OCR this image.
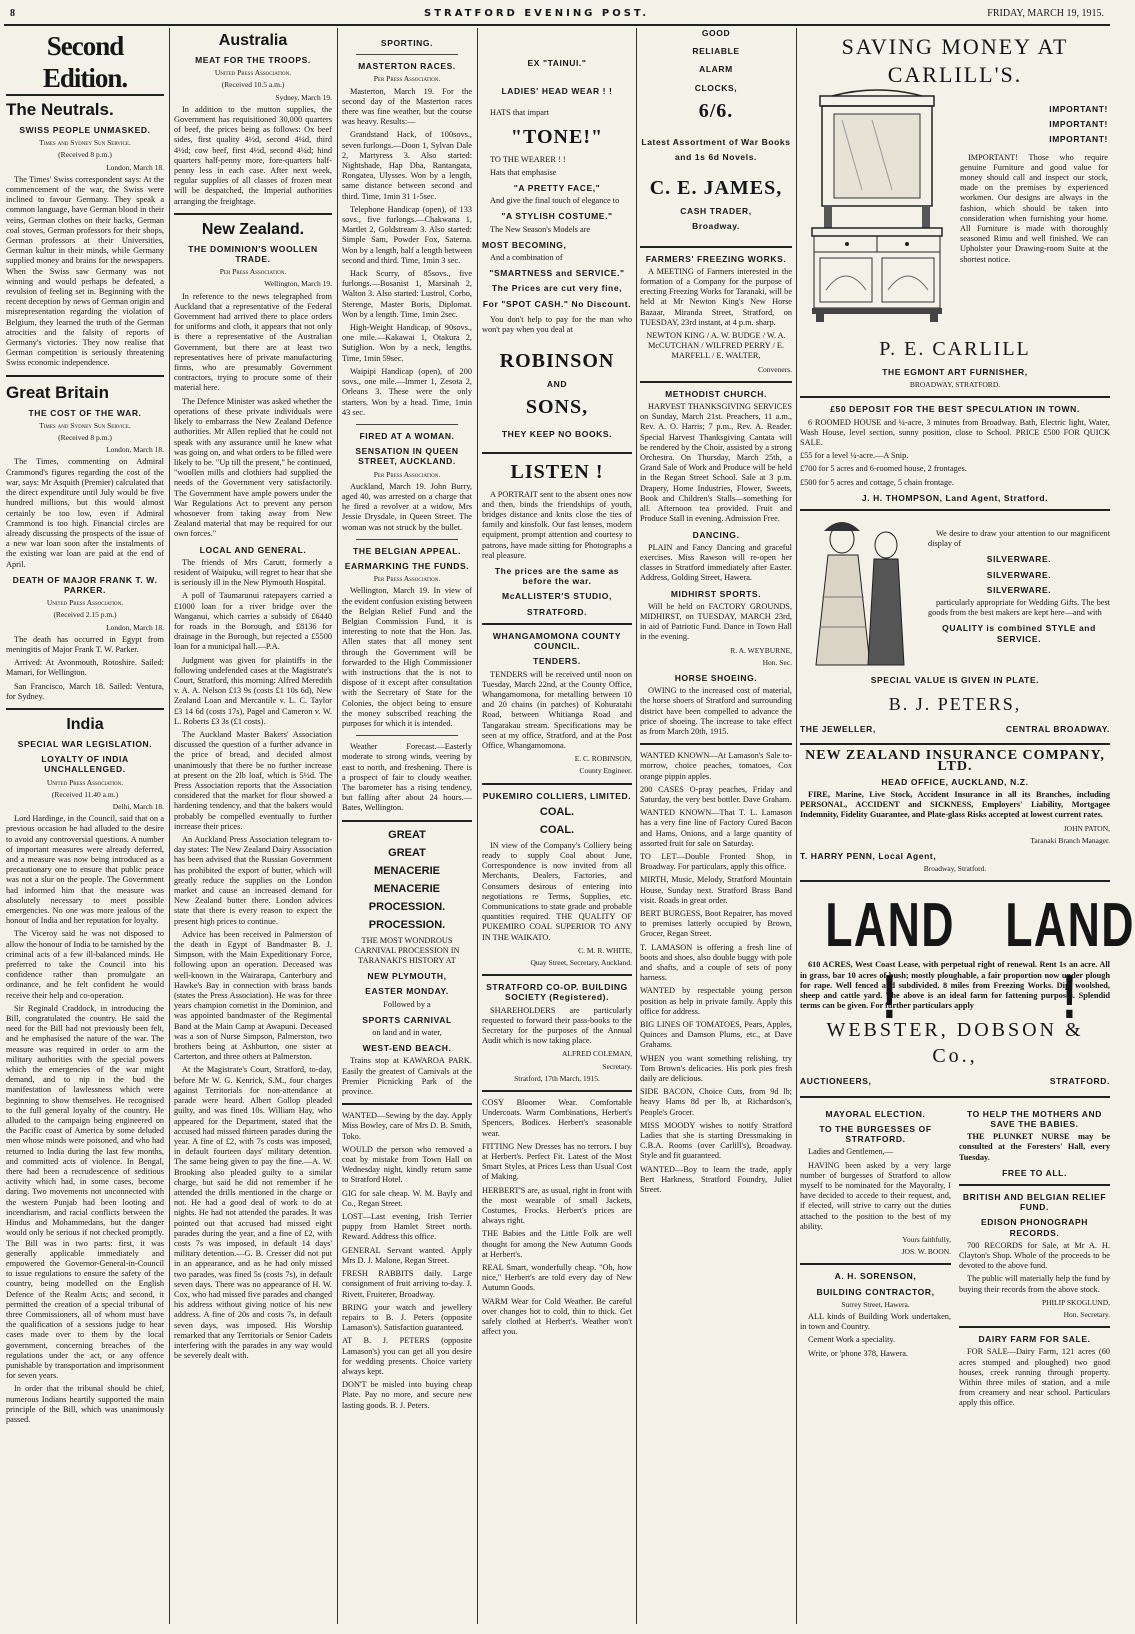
8	STRATFORD EVENING POST.	FRIDAY, MARCH 19, 1915.
Second Edition.
The Neutrals.
SWISS PEOPLE UNMASKED.
Times and Sydney Sun Service.
(Received 8 p.m.)
London, March 18.

The Times' Swiss correspondent says: At the commencement of the war, the Swiss were inclined to favour Germany. They speak a common language, have German blood in their veins, German clothes on their backs, German coal stoves, German professors for their shops, German professors at their Universities, German kultur in their minds, while Germany supplied money and brains for the newspapers. When the Swiss saw Germany was not winning and would perhaps be defeated, a revulsion of feeling set in. Beginning with the recent deception by news of German origin and misrepresentation regarding the violation of Belgium, they learned the truth of the German atrocities and the falsity of reports of Germany's victories. They now realise that German competition is seriously threatening Swiss economic independence.

Great Britain
THE COST OF THE WAR.
Times and Sydney Sun Service.
(Received 8 p.m.)
London, March 18.

The Times, commenting on Admiral Crammond's figures regarding the cost of the war, says: Mr Asquith (Premier) calculated that the direct expenditure until July would be five hundred millions, but this would almost certainly be too low, even if Admiral Crammond is too high. Financial circles are already discussing the prospects of the issue of a new war loan soon after the instalments of the existing war loan are paid at the end of April.

DEATH OF MAJOR FRANK T. W. PARKER.
United Press Association.
(Received 2.15 p.m.)
London, March 18.

The death has occurred in Egypt from meningitis of Major Frank T. W. Parker.

Arrived: At Avonmouth, Rotoshire. Sailed: Mamari, for Wellington.

San Francisco, March 18. Sailed: Ventura, for Sydney.

India
SPECIAL WAR LEGISLATION.
LOYALTY OF INDIA UNCHALLENGED.
United Press Association.
(Received 11.40 a.m.)
Delhi, March 18.

Lord Hardinge, in the Council, said that on a previous occasion he had alluded to the desire to avoid any controversial questions. A number of important measures were already deferred, and a measure was now being introduced as a precautionary one to ensure that public peace was not a slur on the people. The Government had informed him that the measure was absolutely necessary to meet possible emergencies. No one was more jealous of the honour of India and her reputation for loyalty.

The Viceroy said he was not disposed to allow the honour of India to be tarnished by the criminal acts of a few ill-balanced minds. He preferred to take the Council into his confidence rather than promulgate an ordinance, and he felt confident he would receive their help and co-operation.

Sir Reginald Craddock, in introducing the Bill, congratulated the country. He said the need for the Bill had not previously been felt, and he emphasised the nature of the war. The measure was required in order to arm the military authorities with the special powers which the emergencies of the war might demand, and to nip in the bud the manifestation of lawlessness which were beginning to show themselves. He recognised to the full general loyalty of the country. He alluded to the campaign being engineered on the Pacific coast of America by some deluded men whose minds were poisoned, and who had returned to India during the last few months, and committed acts of violence. In Bengal, there had been a recrudescence of seditious activity which had, in some cases, become daring. Two movements not unconnected with the western Punjab had been looting and incendiarism, and racial conflicts between the Hindus and Mohammedans, but the danger would only be serious if not checked promptly. The Bill was in two parts: first, it was generally applicable immediately and empowered the Governor-General-in-Council to issue regulations to ensure the safety of the country, being modelled on the English Defence of the Realm Acts; and second, it permitted the creation of a special tribunal of three Commissioners, all of whom must have the qualification of a sessions judge to hear cases made over to them by the local government, concerning breaches of the regulations under the act, or any offence punishable by transportation and imprisonment for seven years.

In order that the tribunal should be chief, numerous Indians heartily supported the main principle of the Bill, which was unanimously passed.

Australia
MEAT FOR THE TROOPS.
United Press Association.
(Received 10.5 a.m.)
Sydney, March 19.

In addition to the mutton supplies, the Government has requisitioned 30,000 quarters of beef, the prices being as follows: Ox beef sides, first quality 4½d, second 4¼d, third 4½d; cow beef, first 4½d, second 4¼d; hind quarters half-penny more, fore-quarters half-penny less in each case. After next week, regular supplies of all classes of frozen meat will be despatched, the Imperial authorities arranging the freightage.

New Zealand.
THE DOMINION'S WOOLLEN TRADE.
Per Press Association.
Wellington, March 19.

In reference to the news telegraphed from Auckland that a representative of the Federal Government had arrived there to place orders for uniforms and cloth, it appears that not only is there a representative of the Australian Government, but there are at least two representatives here of private manufacturing firms, who are presumably Government contractors, trying to procure some of their material here.

The Defence Minister was asked whether the operations of these private individuals were likely to embarrass the New Zealand Defence authorities. Mr Allen replied that he could not speak with any assurance until he knew what was going on, and what orders to be filled were likely to be. "Up till the present," he continued, "woollen mills and clothiers had supplied the needs of the Government very satisfactorily. The Government have ample powers under the War Regulations Act to prevent any person whosoever from taking away from New Zealand material that may be required for our own forces."

LOCAL AND GENERAL.

The friends of Mrs Carutt, formerly a resident of Waipuku, will regret to hear that she is seriously ill in the New Plymouth Hospital.

A poll of Taumarunui ratepayers carried a £1000 loan for a river bridge over the Wanganui, which carries a subsidy of £6440 for roads in the Borough, and £8136 for drainage in the Borough, but rejected a £5500 loan for a municipal hall.—P.A.

Judgment was given for plaintiffs in the following undefended cases at the Magistrate's Court, Stratford, this morning: Alfred Meredith v. A. A. Nelson £13 9s (costs £1 10s 6d), New Zealand Loan and Mercantile v. L. C. Taylor £3 14 6d (costs 17s), Pagel and Cameron v. W. L. Roberts £3 3s (£1 costs).

The Auckland Master Bakers' Association discussed the question of a further advance in the price of bread, and decided almost unanimously that there be no further increase at present on the 2lb loaf, which is 5½d. The Press Association reports that the Association considered that the market for flour showed a hardening tendency, and that the bakers would probably be compelled eventually to further increase their prices.

An Auckland Press Association telegram to-day states: The New Zealand Dairy Association has been advised that the Russian Government has prohibited the export of butter, which will greatly reduce the supplies on the London market and cause an increased demand for New Zealand butter there. London advices state that there is every reason to expect the present high prices to continue.

Advice has been received in Palmerston of the death in Egypt of Bandmaster B. J. Simpson, with the Main Expeditionary Force, following upon an operation. Deceased was well-known in the Wairarapa, Canterbury and Hawke's Bay in connection with brass bands (states the Press Association). He was for three years champion cornetist in the Dominion, and was appointed bandmaster of the Regimental Band at the Main Camp at Awapuni. Deceased was a son of Nurse Simpson, Palmerston, two brothers being at Ashburton, one sister at Carterton, and three others at Palmerston.

At the Magistrate's Court, Stratford, to-day, before Mr W. G. Kenrick, S.M., four charges against Territorials for non-attendance at parade were heard. Albert Gollop pleaded guilty, and was fined 10s. William Hay, who appeared for the Department, stated that the accused had missed thirteen parades during the year. A fine of £2, with 7s costs was imposed, in default fourteen days' military detention. The same being given to pay the fine.—A. W. Brooking also pleaded guilty to a similar charge, but said he did not remember if he attended the drills mentioned in the charge or not. He had a good deal of work to do at nights. He had not attended the parades. It was pointed out that accused had missed eight parades during the year, and a fine of £2, with costs 7s was imposed, in default 14 days' military detention.—G. B. Cresser did not put in an appearance, and as he had only missed two parades, was fined 5s (costs 7s), in default seven days. There was no appearance of H. W. Cox, who had missed five parades and changed his address without giving notice of his new address. A fine of 20s and costs 7s, in default seven days, was imposed. His Worship remarked that any Territorials or Senior Cadets interfering with the parades in any way would be severely dealt with.

SPORTING.
MASTERTON RACES.
Per Press Association.

Masterton, March 19. For the second day of the Masterton races there was fine weather, but the course was heavy. Results:—

Grandstand Hack, of 100sovs., seven furlongs.—Doon 1, Sylvan Dale 2, Martyress 3. Also started: Nightshade, Hap Dha, Rantangata, Rongatea, Ulysses. Won by a length, same distance between second and third. Time, 1min 31 1-5sec.

Telephone Handicap (open), of 133 sovs., five furlongs.—Chakwana 1, Martlet 2, Goldstream 3. Also started: Simple Sam, Powder Fox, Saterna. Won by a length, half a length between second and third. Time, 1min 3 sec.

Hack Scurry, of 85sovs., five furlongs.—Bosanist 1, Marsinah 2, Walton 3. Also started: Lustrol, Corbo, Sterenge, Master Boris, Diplomat. Won by a length. Time, 1min 2sec.

High-Weight Handicap, of 90sovs., one mile.—Kakawai 1, Otakura 2, Sutiglion. Won by a neck, lengths. Time, 1min 59sec.

Waipipi Handicap (open), of 200 sovs., one mile.—Immer 1, Zesota 2, Orleans 3. These were the only starters. Won by a head. Time, 1min 43 sec.

FIRED AT A WOMAN.
SENSATION IN QUEEN STREET, AUCKLAND.
Per Press Association.

Auckland, March 19. John Burry, aged 40, was arrested on a charge that he fired a revolver at a widow, Mrs Jessie Drysdale, in Queen Street. The woman was not struck by the bullet.

THE BELGIAN APPEAL.
EARMARKING THE FUNDS.
Per Press Association.

Wellington, March 19. In view of the evident confusion existing between the Belgian Relief Fund and the Belgian Commission Fund, it is interesting to note that the Hon. Jas. Allen states that all money sent through the Government will be forwarded to the High Commissioner with instructions that the is not to dispose of it except after consultation with the Secretary of State for the Colonies, the object being to ensure the money subscribed reaching the purposes for which it is intended.

Weather Forecast.—Easterly moderate to strong winds, veering by east to north, and freshening. There is a prospect of fair to cloudy weather. The barometer has a rising tendency, but falling after about 24 hours.—Bates, Wellington.

GREAT
GREAT
MENACERIE
MENACERIE
PROCESSION.
PROCESSION.

THE MOST WONDROUS CARNIVAL PROCESSION IN TARANAKI'S HISTORY AT

NEW PLYMOUTH,
EASTER MONDAY.

Followed by a

SPORTS CARNIVAL

on land and in water,

WEST-END BEACH.

Trains stop at KAWAROA PARK. Easily the greatest of Carnivals at the Premier Picnicking Park of the province.

WANTED—Sewing by the day. Apply Miss Bowley, care of Mrs D. B. Smith, Toko.

WOULD the person who removed a coat by mistake from Town Hall on Wednesday night, kindly return same to Stratford Hotel.

GIG for sale cheap. W. M. Bayly and Co., Regan Street.

LOST—Last evening, Irish Terrier puppy from Hamlet Street north. Reward. Address this office.

GENERAL Servant wanted. Apply Mrs D. J. Malone, Regan Street.

FRESH RABBITS daily. Large consignment of fruit arriving to-day. J. Rivett, Fruiterer, Broadway.

BRING your watch and jewellery repairs to B. J. Peters (opposite Lamason's). Satisfaction guaranteed.

AT B. J. PETERS (opposite Lamason's) you can get all you desire for wedding presents. Choice variety always kept.

DON'T be misled into buying cheap Plate. Pay no more, and secure new lasting goods. B. J. Peters.

EX "TAINUI."
LADIES' HEAD WEAR ! !

HATS that impart

"TONE!"

TO THE WEARER ! !

Hats that emphasise

"A PRETTY FACE,"

And give the final touch of elegance to

"A STYLISH COSTUME."

The New Season's Models are

MOST BECOMING,

And a combination of

"SMARTNESS and SERVICE."
The Prices are cut very fine,
For "SPOT CASH." No Discount.

You don't help to pay for the man who won't pay when you deal at

ROBINSON
AND
SONS,
THEY KEEP NO BOOKS.
LISTEN !

A PORTRAIT sent to the absent ones now and then, binds the friendships of youth, bridges distance and knits close the ties of family and kinsfolk. Our fast lenses, modern equipment, prompt attention and courtesy to patrons, have made sitting for Photographs a real pleasure.

The prices are the same as before the war.
McALLISTER'S STUDIO,
STRATFORD.
WHANGAMOMONA COUNTY COUNCIL.
TENDERS.

TENDERS will be received until noon on Tuesday, March 22nd, at the County Office, Whangamomona, for metalling between 10 and 20 chains (in patches) of Kohuratahi Road, between Whitianga Road and Tangarakau stream. Specifications may be seen at my office, Stratford, and at the Post Office, Whangamomona.

E. C. ROBINSON,
County Engineer.
PUKEMIRO COLLIERS, LIMITED.
COAL.
COAL.

IN view of the Company's Colliery being ready to supply Coal about June, Correspondence is now invited from all Merchants, Dealers, Factories, and Consumers desirous of entering into negotiations re Terms, Supplies, etc. Communications to state grade and probable quantities required. THE QUALITY OF PUKEMIRO COAL SUPERIOR TO ANY IN THE WAIKATO.

C. M. R. WHITE,
Quay Street, Secretary, Auckland.
STRATFORD CO-OP. BUILDING SOCIETY (Registered).

SHAREHOLDERS are particularly requested to forward their pass-books to the Secretary for the purposes of the Annual Audit which is now taking place.

ALFRED COLEMAN,
Secretary.
Stratford, 17th March, 1915.

COSY Bloomer Wear. Comfortable Undercoats. Warm Combinations, Herbert's Spencers, Bodices. Herbert's seasonable wear.

FITTING New Dresses has no terrors. I buy at Herbert's. Perfect Fit. Latest of the Most Smart Styles, at Prices Less than Usual Cost of Making.

HERBERT'S are, as usual, right in front with the most wearable of small Jackets, Costumes, Frocks. Herbert's prices are always right.

THE Babies and the Little Folk are well thought for among the New Autumn Goods at Herbert's.

REAL Smart, wonderfully cheap. "Oh, how nice," Herbert's are told every day of New Autumn Goods.

WARM Wear for Cold Weather. Be careful over changes hot to cold, thin to thick. Get safely clothed at Herbert's. Weather won't affect you.

GOOD
RELIABLE
ALARM
CLOCKS,
6/6.
Latest Assortment of War Books
and 1s 6d Novels.
C. E. JAMES,
CASH TRADER,
Broadway.
FARMERS' FREEZING WORKS.

A MEETING of Farmers interested in the formation of a Company for the purpose of erecting Freezing Works for Taranaki, will be held at Mr Newton King's New Horse Bazaar, Miranda Street, Stratford, on TUESDAY, 23rd instant, at 4 p.m. sharp.

NEWTON KING / A. W. BUDGE / W. A. McCUTCHAN / WILFRED PERRY / E. MARFELL / E. WALTER,

Conveners.
METHODIST CHURCH.

HARVEST THANKSGIVING SERVICES on Sunday, March 21st. Preachers, 11 a.m., Rev. A. O. Harris; 7 p.m., Rev. A. Reader. Special Harvest Thanksgiving Cantata will be rendered by the Choir, assisted by a strong Orchestra. On Thursday, March 25th, a Grand Sale of Work and Produce will be held in the Regan Street School. Sale at 3 p.m. Drapery, Home Industries, Flower, Sweets, Book and Children's Stalls—something for all. Afternoon tea provided. Fruit and Produce Stall in evening. Admission Free.

DANCING.

PLAIN and Fancy Dancing and graceful exercises. Miss Rawson will re-open her classes in Stratford immediately after Easter. Address, Golding Street, Hawera.

MIDHIRST SPORTS.

Will be held on FACTORY GROUNDS, MIDHIRST, on TUESDAY, MARCH 23rd, in aid of Patriotic Fund. Dance in Town Hall in the evening.

R. A. WEYBURNE,
Hon. Sec.
HORSE SHOEING.

OWING to the increased cost of material, the horse shoers of Stratford and surrounding district have been compelled to advance the price of shoeing. The increase to take effect as from March 20th, 1915.

WANTED KNOWN—At Lamason's Sale to-morrow, choice peaches, tomatoes, Cox orange pippin apples.

200 CASES O-pray peaches, Friday and Saturday, the very best bottler. Dave Graham.

WANTED KNOWN—That T. L. Lamason has a very fine line of Factory Cured Bacon and Hams, Onions, and a large quantity of assorted fruit for sale on Saturday.

TO LET—Double Fronted Shop, in Broadway. For particulars, apply this office.

MIRTH, Music, Melody, Stratford Mountain House, Sunday next. Stratford Brass Band visit. Roads in great order.

BERT BURGESS, Boot Repairer, has moved to premises latterly occupied by Brown, Grocer, Regan Street.

T. LAMASON is offering a fresh line of boots and shoes, also double buggy with pole and shafts, and a couple of sets of pony harness.

WANTED by respectable young person position as help in private family. Apply this office for address.

BIG LINES OF TOMATOES, Pears, Apples, Quinces and Damson Plums, etc., at Dave Grahams.

WHEN you want something relishing, try Tom Brown's delicacies. His pork pies fresh daily are delicious.

SIDE BACON, Choice Cuts, from 9d lb; heavy Hams 8d per lb, at Richardson's, People's Grocer.

MISS MOODY wishes to notify Stratford Ladies that she is starting Dressmaking in C.B.A. Rooms (over Carlill's), Broadway. Style and fit guaranteed.

WANTED—Boy to learn the trade, apply Bert Harkness, Stratford Foundry, Juliet Street.

SAVING MONEY AT
CARLILL'S.
IMPORTANT!
IMPORTANT!
IMPORTANT!

IMPORTANT! Those who require genuine Furniture and good value for money should call and inspect our stock, made on the premises by experienced workmen. Our designs are always in the fashion, which should be taken into consideration when furnishing your home. All Furniture is made with thoroughly seasoned Rimu and well finished. We can Upholster your Drawing-room Suite at the shortest notice.

P. E. CARLILL
THE EGMONT ART FURNISHER,
BROADWAY, STRATFORD.
£50 DEPOSIT FOR THE BEST SPECULATION IN TOWN.

6 ROOMED HOUSE and ¼-acre, 3 minutes from Broadway. Bath, Electric light, Water, Wash House, level section, sunny position, close to School. PRICE £500 FOR QUICK SALE.

£55 for a level ¼-acre.—A Snip.

£700 for 5 acres and 6-roomed house, 2 frontages.

£500 for 5 acres and cottage, 5 chain frontage.

J. H. THOMPSON, Land Agent, Stratford.

We desire to draw your attention to our magnificent display of

SILVERWARE.
SILVERWARE.
SILVERWARE.

particularly appropriate for Wedding Gifts. The best goods from the best makers are kept here—and with

QUALITY is combined STYLE and SERVICE.
SPECIAL VALUE IS GIVEN IN PLATE.
B. J. PETERS,
THE JEWELLER,	CENTRAL BROADWAY.
NEW ZEALAND INSURANCE COMPANY, LTD.
HEAD OFFICE, AUCKLAND, N.Z.

FIRE, Marine, Live Stock, Accident Insurance in all its Branches, including PERSONAL, ACCIDENT and SICKNESS, Employers' Liability, Mortgagee Indemnity, Fidelity Guarantee, and Plate-glass Risks accepted at lowest current rates.

JOHN PATON,
Taranaki Branch Manager.
T. HARRY PENN, Local Agent,
Broadway, Stratford.
LAND !
LAND !

610 ACRES, West Coast Lease, with perpetual right of renewal. Rent 1s an acre. All in grass, bar 10 acres of bush; mostly ploughable, a fair proportion now under plough for rape. Well fenced and subdivided. 8 miles from Freezing Works. Dip, woolshed, sheep and cattle yard. The above is an ideal farm for fattening purposes. Splendid terms can be given. For further particulars apply

WEBSTER, DOBSON & Co.,
AUCTIONEERS,	STRATFORD.
MAYORAL ELECTION.
TO THE BURGESSES OF STRATFORD.

Ladies and Gentlemen,—

HAVING been asked by a very large number of burgesses of Stratford to allow myself to be nominated for the Mayoralty, I have decided to accede to their request, and, if elected, will strive to carry out the duties attached to the position to the best of my ability.

Yours faithfully,
JOS. W. BOON.
A. H. SORENSON,
BUILDING CONTRACTOR,
Surrey Street, Hawera.

ALL kinds of Building Work undertaken, in town and Country.

Cement Work a speciality.

Write, or 'phone 378, Hawera.

TO HELP THE MOTHERS AND SAVE THE BABIES.

THE PLUNKET NURSE may be consulted at the Foresters' Hall, every Tuesday.

FREE TO ALL.
BRITISH AND BELGIAN RELIEF FUND.
EDISON PHONOGRAPH RECORDS.

700 RECORDS for Sale, at Mr A. H. Clayton's Shop. Whole of the proceeds to be devoted to the above fund.

The public will materially help the fund by buying their records from the above stock.

PHILIP SKOGLUND,
Hon. Secretary.
DAIRY FARM FOR SALE.

FOR SALE—Dairy Farm, 121 acres (60 acres stumped and ploughed) two good houses, creek running through property. Within three miles of station, and a mile from creamery and near school. Particulars apply this office.
